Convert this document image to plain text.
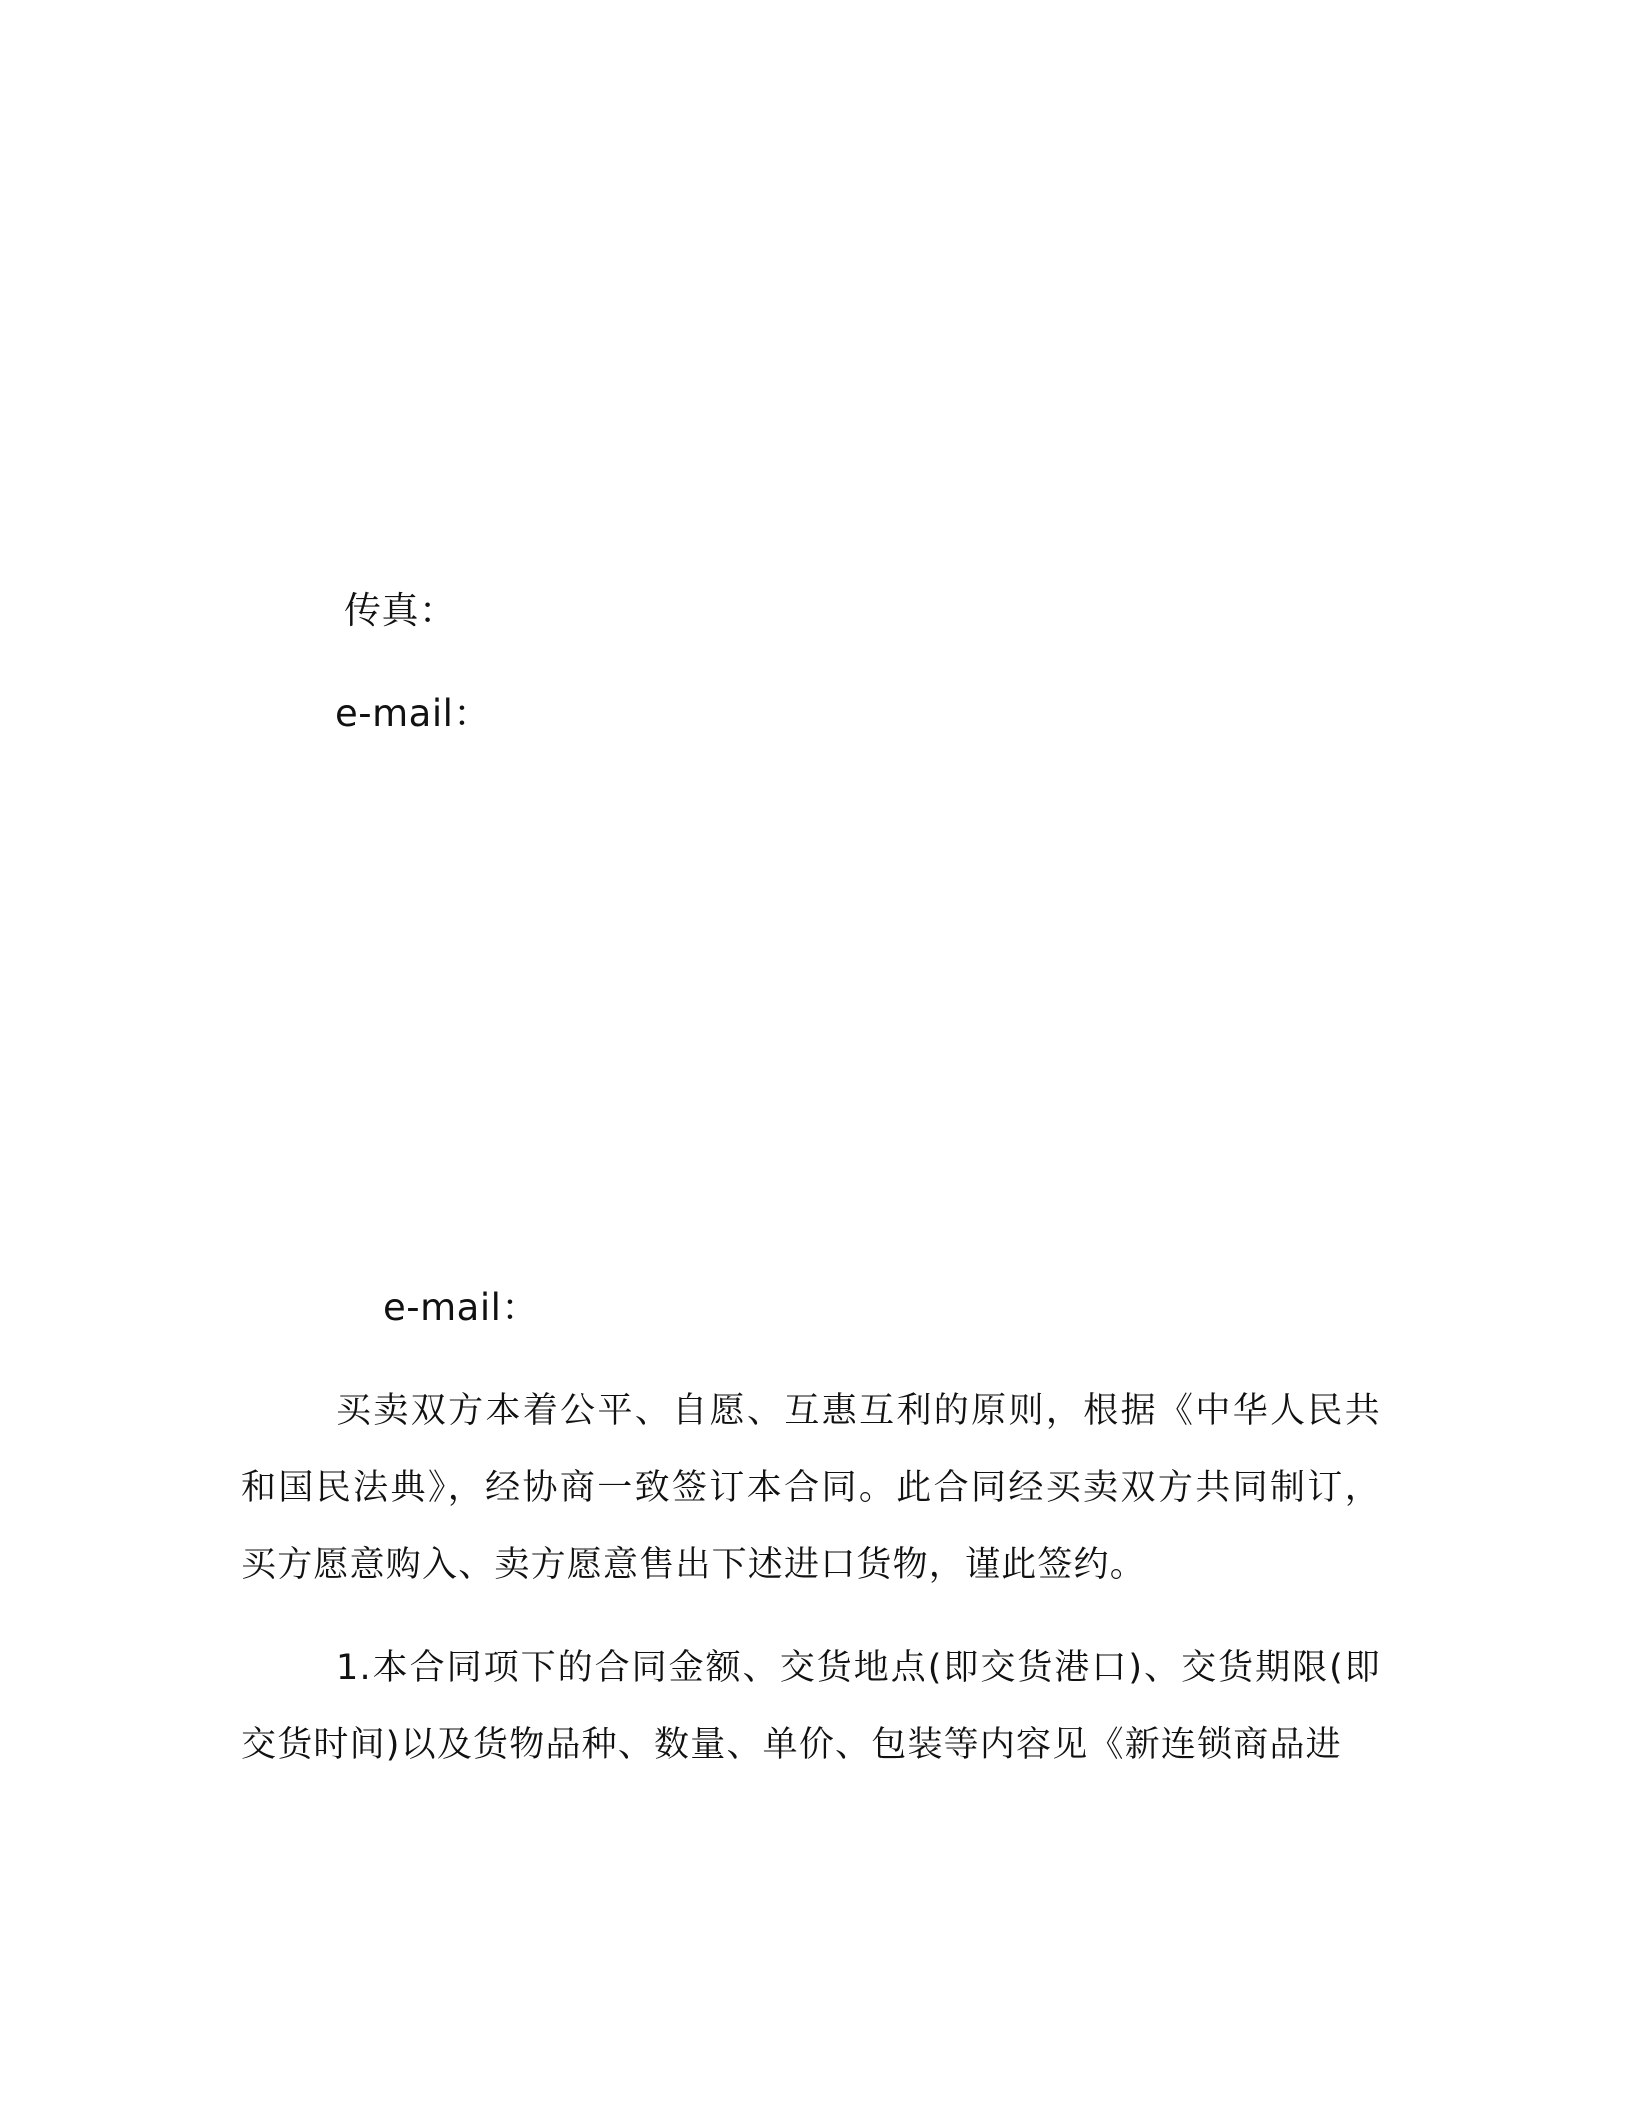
传真：
e-mail：
e-mail：

买卖双方本着公平、自愿、互惠互利的原则，根据《中华人民共和国民法典》，经协商一致签订本合同。此合同经买卖双方共同制订，买方愿意购入、卖方愿意售出下述进口货物，谨此签约。

1.本合同项下的合同金额、交货地点(即交货港口)、交货期限(即交货时间)以及货物品种、数量、单价、包装等内容见《新连锁商品进
